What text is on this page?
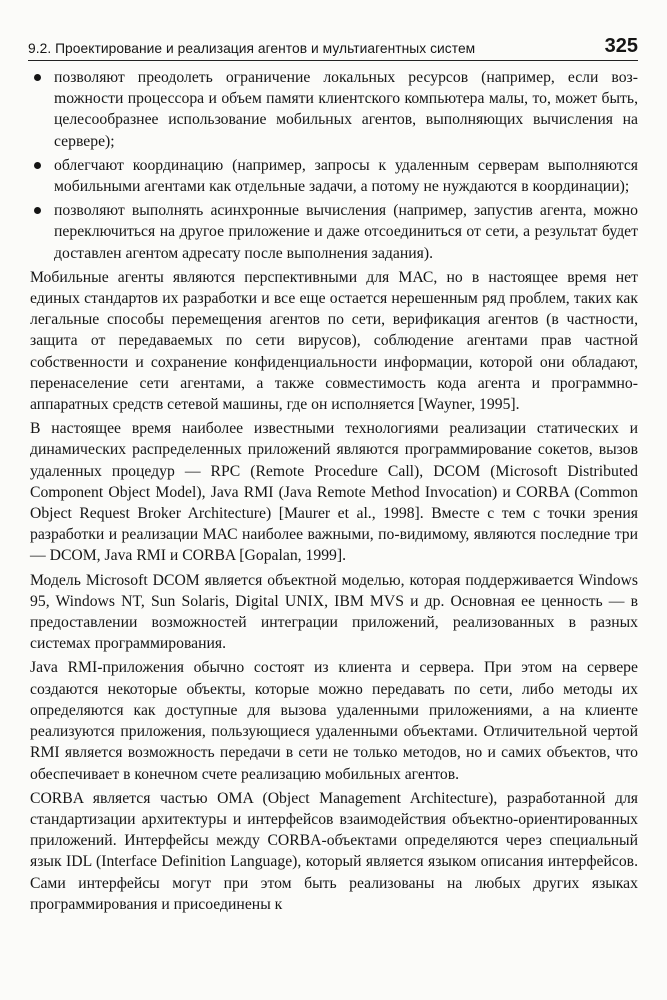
9.2. Проектирование и реализация агентов и мультиагентных систем	325
позволяют преодолеть ограничение локальных ресурсов (например, если возmожности процессора и объем памяти клиентского компьютера малы, то, может быть, целесообразнее использование мобильных агентов, выполняющих вычисления на сервере);
облегчают координацию (например, запросы к удаленным серверам выполняются мобильными агентами как отдельные задачи, а потому не нуждаются в координации);
позволяют выполнять асинхронные вычисления (например, запустив агента, можно переключиться на другое приложение и даже отсоединиться от сети, а результат будет доставлен агентом адресату после выполнения задания).

Мобильные агенты являются перспективными для МАС, но в настоящее время нет единых стандартов их разработки и все еще остается нерешенным ряд проблем, таких как легальные способы перемещения агентов по сети, верификация агентов (в частности, защита от передаваемых по сети вирусов), соблюдение агентами прав частной собственности и сохранение конфиденциальности информации, которой они обладают, перенаселение сети агентами, а также совместимость кода агента и программно-аппаратных средств сетевой машины, где он исполняется [Wayner, 1995].

В настоящее время наиболее известными технологиями реализации статических и динамических распределенных приложений являются программирование сокетов, вызов удаленных процедур — RPC (Remote Procedure Call), DCOM (Microsoft Distributed Component Object Model), Java RMI (Java Remote Method Invocation) и CORBA (Common Object Request Broker Architecture) [Maurer et al., 1998]. Вместе с тем с точки зрения разработки и реализации МАС наиболее важными, по-видимому, являются последние три — DCOM, Java RMI и CORBA [Gopalan, 1999].

Модель Microsoft DCOM является объектной моделью, которая поддерживается Windows 95, Windows NT, Sun Solaris, Digital UNIX, IBM MVS и др. Основная ее ценность — в предоставлении возможностей интеграции приложений, реализованных в разных системах программирования.

Java RMI-приложения обычно состоят из клиента и сервера. При этом на сервере создаются некоторые объекты, которые можно передавать по сети, либо методы их определяются как доступные для вызова удаленными приложениями, а на клиенте реализуются приложения, пользующиеся удаленными объектами. Отличительной чертой RMI является возможность передачи в сети не только методов, но и самих объектов, что обеспечивает в конечном счете реализацию мобильных агентов.

CORBA является частью OMA (Object Management Architecture), разработанной для стандартизации архитектуры и интерфейсов взаимодействия объектно-ориентированных приложений. Интерфейсы между CORBA-объектами определяются через специальный язык IDL (Interface Definition Language), который является языком описания интерфейсов. Сами интерфейсы могут при этом быть реализованы на любых других языках программирования и присоединены к
